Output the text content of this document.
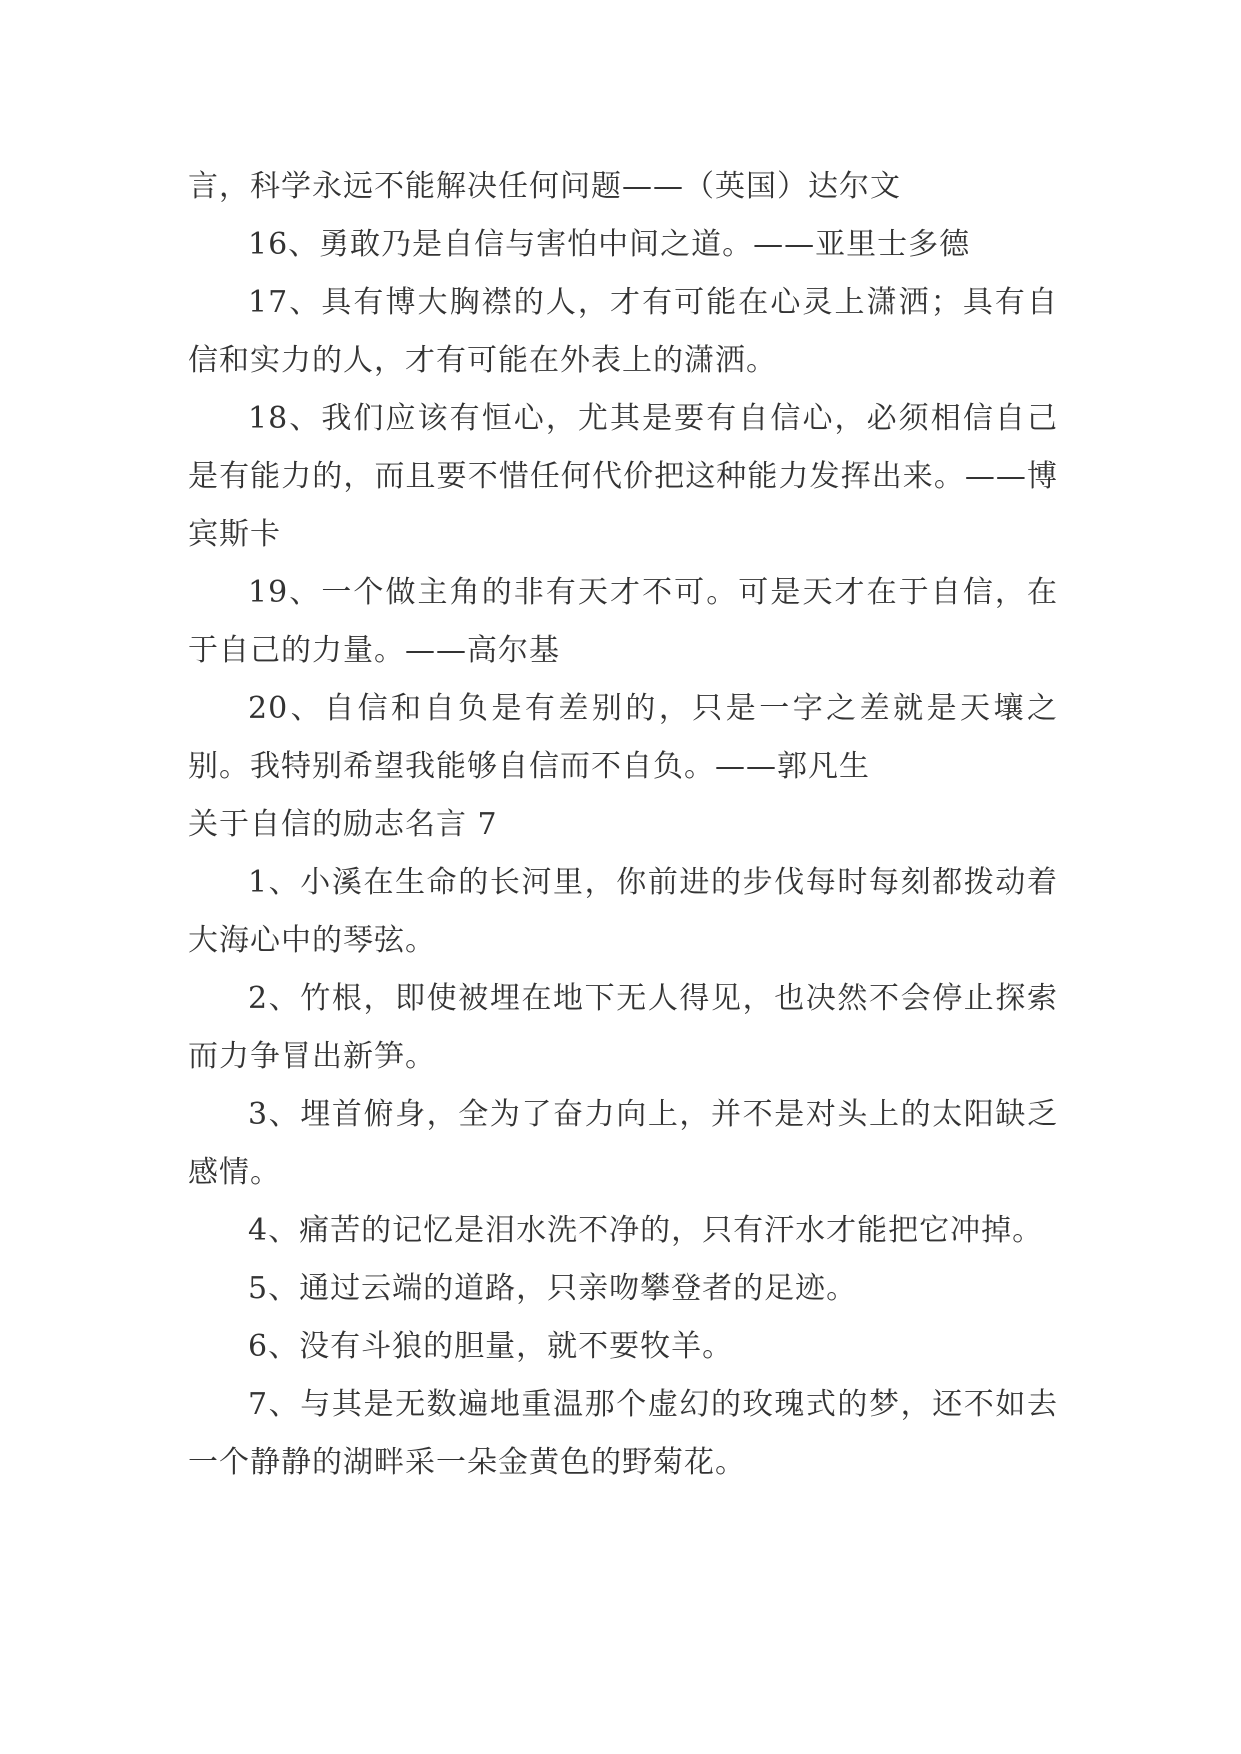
言，科学永远不能解决任何问题——（英国）达尔文

16、勇敢乃是自信与害怕中间之道。——亚里士多德

17、具有博大胸襟的人，才有可能在心灵上潇洒；具有自信和实力的人，才有可能在外表上的潇洒。

18、我们应该有恒心，尤其是要有自信心，必须相信自己是有能力的，而且要不惜任何代价把这种能力发挥出来。——博宾斯卡

19、一个做主角的非有天才不可。可是天才在于自信，在于自己的力量。——高尔基

20、自信和自负是有差别的，只是一字之差就是天壤之别。我特别希望我能够自信而不自负。——郭凡生

关于自信的励志名言 7

1、小溪在生命的长河里，你前进的步伐每时每刻都拨动着大海心中的琴弦。

2、竹根，即使被埋在地下无人得见，也决然不会停止探索而力争冒出新笋。

3、埋首俯身，全为了奋力向上，并不是对头上的太阳缺乏感情。

4、痛苦的记忆是泪水洗不净的，只有汗水才能把它冲掉。

5、通过云端的道路，只亲吻攀登者的足迹。

6、没有斗狼的胆量，就不要牧羊。

7、与其是无数遍地重温那个虚幻的玫瑰式的梦，还不如去一个静静的湖畔采一朵金黄色的野菊花。
